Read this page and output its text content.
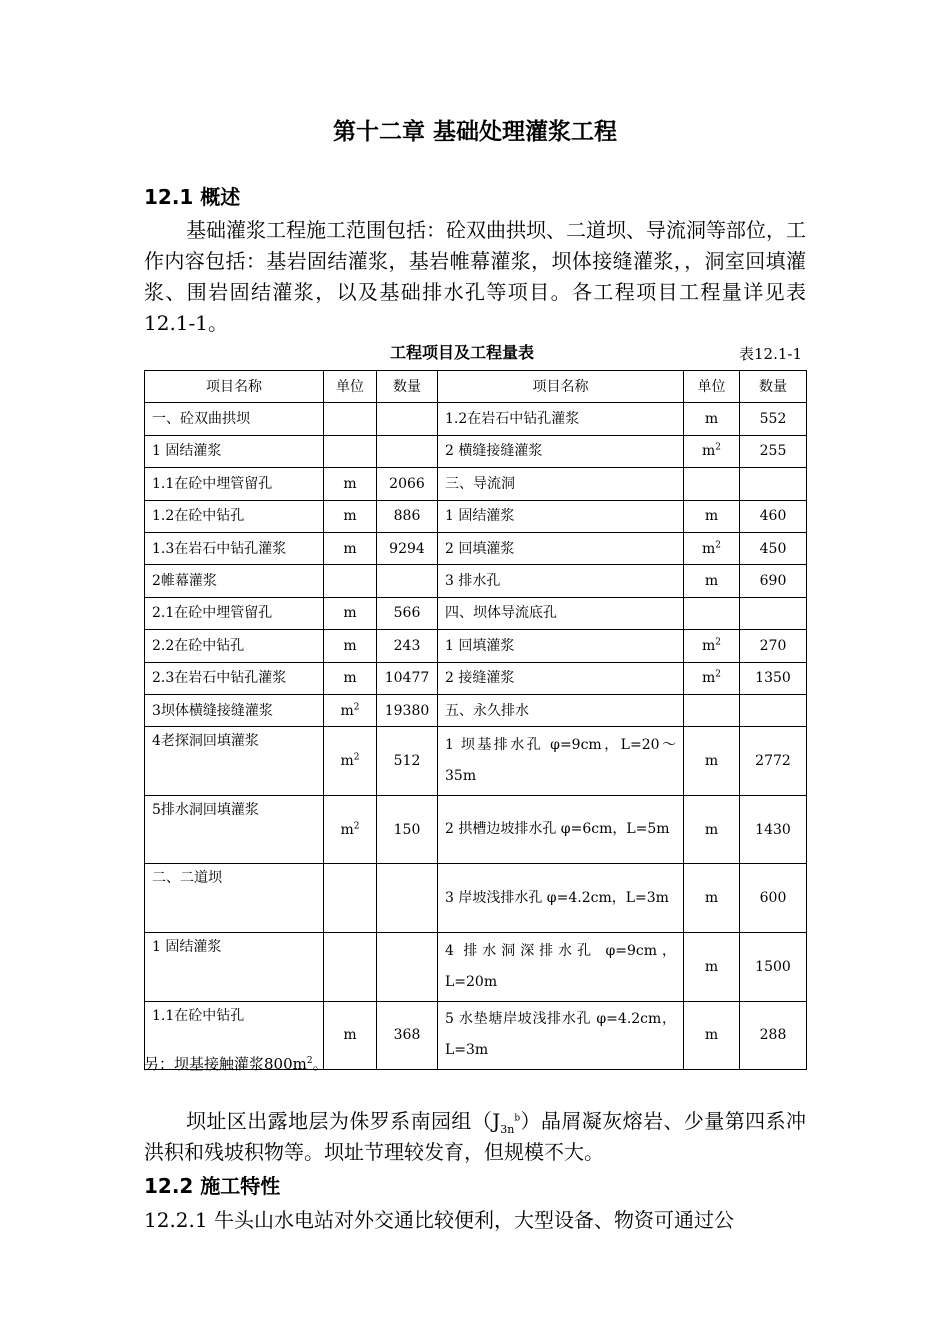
第十二章 基础处理灌浆工程
12.1 概述

基础灌浆工程施工范围包括：砼双曲拱坝、二道坝、导流洞等部位，工作内容包括：基岩固结灌浆，基岩帷幕灌浆，坝体接缝灌浆，，洞室回填灌浆、围岩固结灌浆，以及基础排水孔等项目。各工程项目工程量详见表12.1-1。

工程项目及工程量表	表12.1-1
项目名称	单位	数量	项目名称	单位	数量
一、砼双曲拱坝			1.2在岩石中钻孔灌浆	m	552
1 固结灌浆			2 横缝接缝灌浆	$m^2$	255
1.1在砼中埋管留孔	m	2066	三、导流洞		
1.2在砼中钻孔	m	886	1 固结灌浆	m	460
1.3在岩石中钻孔灌浆	m	9294	2 回填灌浆	$m^2$	450
2帷幕灌浆			3 排水孔	m	690
2.1在砼中埋管留孔	m	566	四、坝体导流底孔		
2.2在砼中钻孔	m	243	1 回填灌浆	$m^2$	270
2.3在岩石中钻孔灌浆	m	10477	2 接缝灌浆	$m^2$	1350
3坝体横缝接缝灌浆	$m^2$	19380	五、永久排水		
4老探洞回填灌浆	$m^2$	512	1 坝基排水孔 φ=9cm，L=20～35m	m	2772
5排水洞回填灌浆	$m^2$	150	2 拱槽边坡排水孔 φ=6cm，L=5m	m	1430
二、二道坝			3 岸坡浅排水孔 φ=4.2cm，L=3m	m	600
1 固结灌浆			4 排水洞深排水孔 φ=9cm，L=20m	m	1500
1.1在砼中钻孔	m	368	5 水垫塘岸坡浅排水孔 φ=4.2cm，L=3m	m	288
另：坝基接触灌浆$800m^2$。

坝址区出露地层为侏罗系南园组$(J_{3n}^b)$晶屑凝灰熔岩、少量第四系冲洪积和残坡积物等。坝址节理较发育，但规模不大。

12.2 施工特性

12.2.1 牛头山水电站对外交通比较便利，大型设备、物资可通过公
